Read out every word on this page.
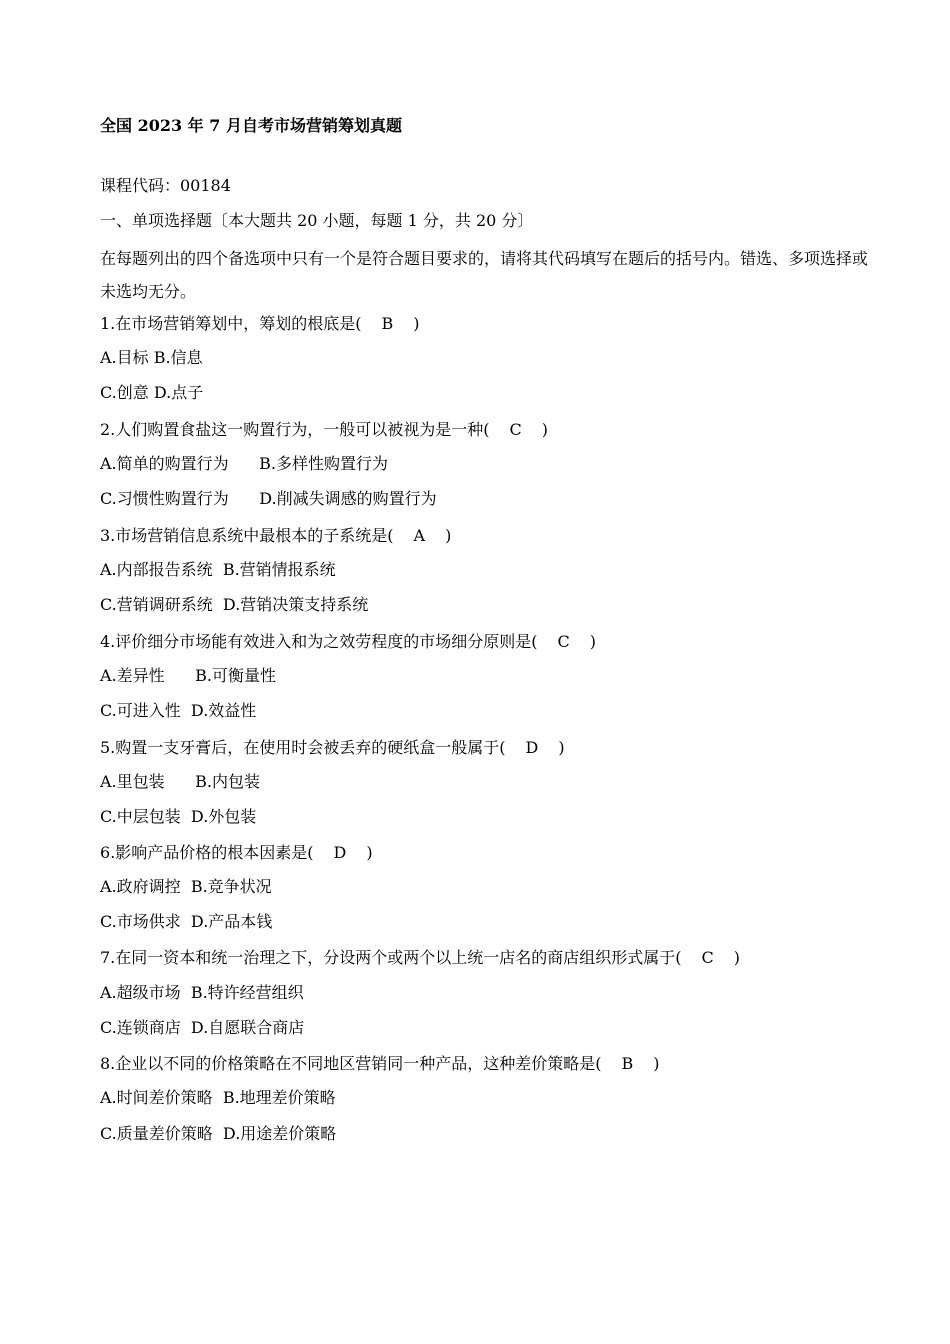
全国 2023 年 7 月自考市场营销筹划真题
课程代码：00184
一、单项选择题〔本大题共 20 小题，每题 1 分，共 20 分〕
在每题列出的四个备选项中只有一个是符合题目要求的，请将其代码填写在题后的括号内。错选、多项选择或未选均无分。
1.在市场营销筹划中，筹划的根底是( B )
A.目标 B.信息
C.创意 D.点子
2.人们购置食盐这一购置行为，一般可以被视为是一种( C )
A.简单的购置行为      B.多样性购置行为
C.习惯性购置行为      D.削减失调感的购置行为
3.市场营销信息系统中最根本的子系统是( A )
A.内部报告系统  B.营销情报系统
C.营销调研系统  D.营销决策支持系统
4.评价细分市场能有效进入和为之效劳程度的市场细分原则是( C )
A.差异性      B.可衡量性
C.可进入性  D.效益性
5.购置一支牙膏后，在使用时会被丢弃的硬纸盒一般属于( D )
A.里包装      B.内包装
C.中层包装  D.外包装
6.影响产品价格的根本因素是( D )
A.政府调控  B.竞争状况
C.市场供求  D.产品本钱
7.在同一资本和统一治理之下，分设两个或两个以上统一店名的商店组织形式属于( C )
A.超级市场  B.特许经营组织
C.连锁商店  D.自愿联合商店
8.企业以不同的价格策略在不同地区营销同一种产品，这种差价策略是( B )
A.时间差价策略  B.地理差价策略
C.质量差价策略  D.用途差价策略
